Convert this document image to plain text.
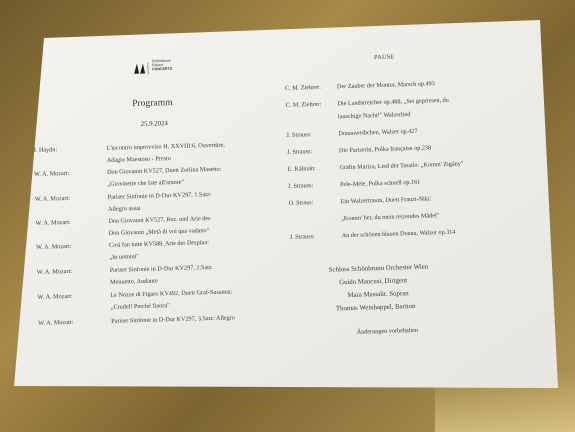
Schönbrunn
Palace
CONCERTS
Programm
25.9.2024
J. Haydn:	L'incontro improvviso H. XXVIII:6, Ouvertüre,
Adagio Maestoso - Presto
W. A. Mozart:	Don Giovanni KV527, Duett Zerlina Masetto:
„Giovinette che fate all'amore"
W. A. Mozart:	Pariser Sinfonie in D-Dur KV297, 1.Satz:
Allegro assai
W. A. Mozart:	Don Giovanni KV527, Rez. und Arie des
Don Giovanni „Metà di voi qua vadano"
W. A. Mozart:	Così fan tutte KV588, Arie der Despina:
„In uomini"
W. A. Mozart:	Pariser Sinfonie in D-Dur KV297, 2.Satz
Menuetto, Andante
W. A. Mozart:	Le Nozze di Figaro KV492, Duett Graf-Susanna:
„Crudel! Perché finora"
W. A. Mozart:	Pariser Sinfonie in D-Dur KV297, 3.Satz: Allegro
PAUSE
C. M. Ziehrer:	Der Zauber der Montur, Marsch op.493
C. M. Ziehrer:	Die Landstreicher op.488, „Sei gepriesen, du
lauschige Nacht!" Walzerlied
J. Strauss:	Donauweibchen, Walzer op.427
J. Strauss:	Die Pariserin, Polka française op.238
E. Kálmán:	Gräfin Mariza, Lied der Tassilo: „Komm' Zigány"
J. Strauss:	Pele-Mele, Polka schnell op.161
O. Straus:	Ein Walzertraum, Duett Franzi-Niki:
„Komm' her, du mein reizendes Mädel"
J. Strauss:	An der schönen blauen Donau, Walzer op.314
Schloss Schönbrunn Orchester Wien
Guido Mancusi, Dirigent
Mara Mastalir, Sopran
Thomas Weinhappel, Bariton
Änderungen vorbehalten
